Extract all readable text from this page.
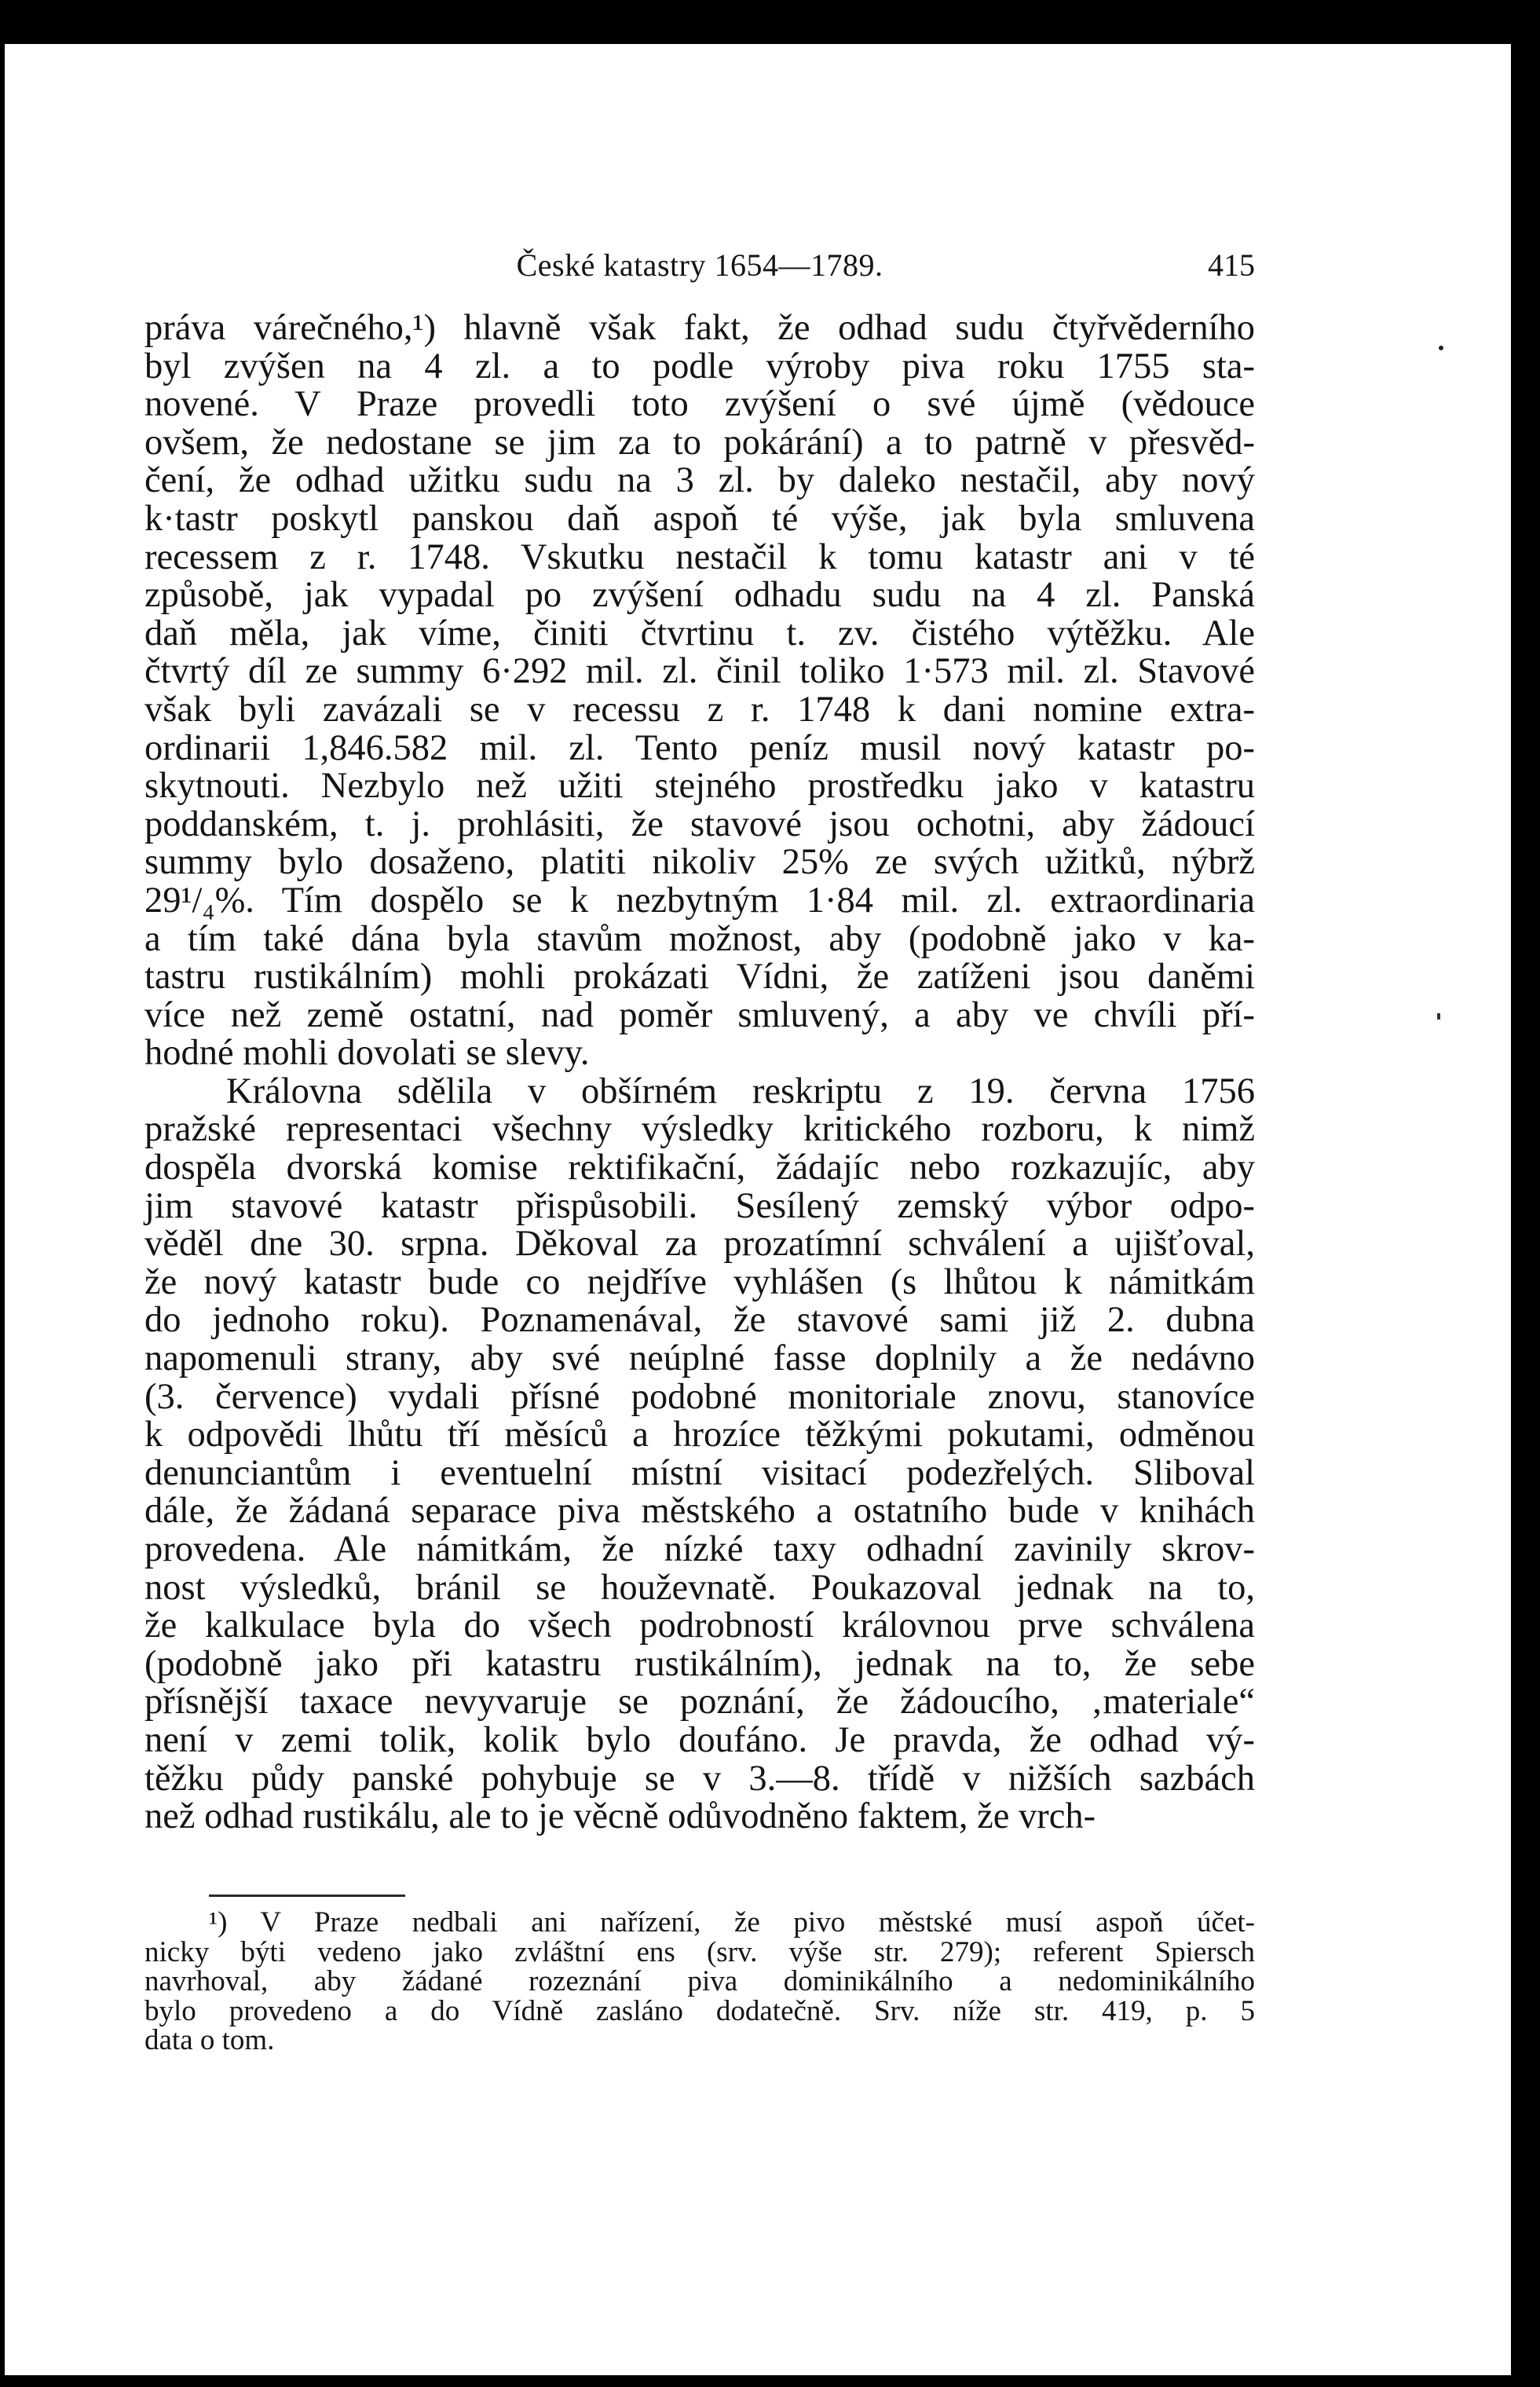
České katastry 1654—1789.	415
práva várečného,¹) hlavně však fakt, že odhad sudu čtyřvěderního
byl zvýšen na 4 zl. a to podle výroby piva roku 1755 sta-
novené. V Praze provedli toto zvýšení o své újmě (vědouce
ovšem, že nedostane se jim za to pokárání) a to patrně v přesvěd-
čení, že odhad užitku sudu na 3 zl. by daleko nestačil, aby nový
k·tastr poskytl panskou daň aspoň té výše, jak byla smluvena
recessem z r. 1748. Vskutku nestačil k tomu katastr ani v té
způsobě, jak vypadal po zvýšení odhadu sudu na 4 zl. Panská
daň měla, jak víme, činiti čtvrtinu t. zv. čistého výtěžku. Ale
čtvrtý díl ze summy 6·292 mil. zl. činil toliko 1·573 mil. zl. Stavové
však byli zavázali se v recessu z r. 1748 k dani nomine extra-
ordinarii 1,846.582 mil. zl. Tento peníz musil nový katastr po-
skytnouti. Nezbylo než užiti stejného prostředku jako v katastru
poddanském, t. j. prohlásiti, že stavové jsou ochotni, aby žádoucí
summy bylo dosaženo, platiti nikoliv 25% ze svých užitků, nýbrž
29¹/₄%. Tím dospělo se k nezbytným 1·84 mil. zl. extraordinaria
a tím také dána byla stavům možnost, aby (podobně jako v ka-
tastru rustikálním) mohli prokázati Vídni, že zatíženi jsou daněmi
více než země ostatní, nad poměr smluvený, a aby ve chvíli pří-
hodné mohli dovolati se slevy.
Královna sdělila v obšírném reskriptu z 19. června 1756
pražské representaci všechny výsledky kritického rozboru, k nimž
dospěla dvorská komise rektifikační, žádajíc nebo rozkazujíc, aby
jim stavové katastr přispůsobili. Sesílený zemský výbor odpo-
věděl dne 30. srpna. Děkoval za prozatímní schválení a ujišťoval,
že nový katastr bude co nejdříve vyhlášen (s lhůtou k námitkám
do jednoho roku). Poznamenával, že stavové sami již 2. dubna
napomenuli strany, aby své neúplné fasse doplnily a že nedávno
(3. července) vydali přísné podobné monitoriale znovu, stanovíce
k odpovědi lhůtu tří měsíců a hrozíce těžkými pokutami, odměnou
denunciantům i eventuelní místní visitací podezřelých. Sliboval
dále, že žádaná separace piva městského a ostatního bude v knihách
provedena. Ale námitkám, že nízké taxy odhadní zavinily skrov-
nost výsledků, bránil se houževnatě. Poukazoval jednak na to,
že kalkulace byla do všech podrobností královnou prve schválena
(podobně jako při katastru rustikálním), jednak na to, že sebe
přísnější taxace nevyvaruje se poznání, že žádoucího, ‚materiale“
není v zemi tolik, kolik bylo doufáno. Je pravda, že odhad vý-
těžku půdy panské pohybuje se v 3.—8. třídě v nižších sazbách
než odhad rustikálu, ale to je věcně odůvodněno faktem, že vrch-
¹) V Praze nedbali ani nařízení, že pivo městské musí aspoň účet-
nicky býti vedeno jako zvláštní ens (srv. výše str. 279); referent Spiersch
navrhoval, aby žádané rozeznání piva dominikálního a nedominikálního
bylo provedeno a do Vídně zasláno dodatečně. Srv. níže str. 419, p. 5
data o tom.
